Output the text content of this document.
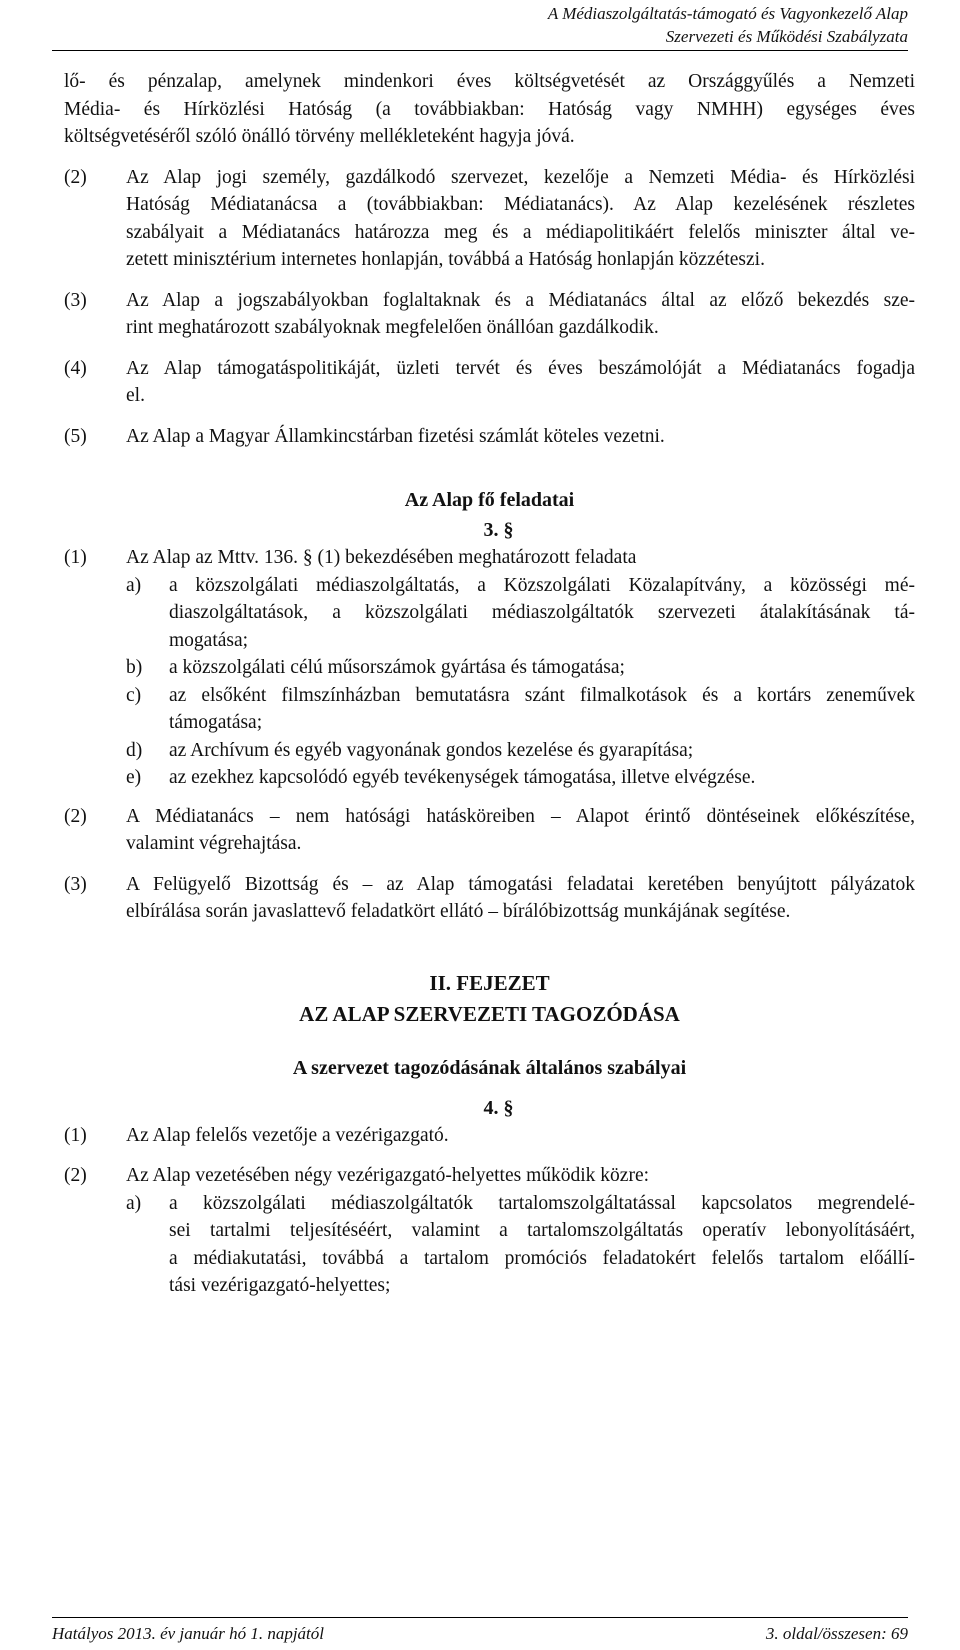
A Médiaszolgáltatás-támogató és Vagyonkezelő Alap
Szervezeti és Működési Szabályzata
lő- és pénzalap, amelynek mindenkori éves költségvetését az Országgyűlés a Nemzeti
Média- és Hírközlési Hatóság (a továbbiakban: Hatóság vagy NMHH) egységes éves
költségvetéséről szóló önálló törvény mellékleteként hagyja jóvá.
(2) Az Alap jogi személy, gazdálkodó szervezet, kezelője a Nemzeti Média- és Hírközlési
Hatóság Médiatanácsa a (továbbiakban: Médiatanács). Az Alap kezelésének részletes
szabályait a Médiatanács határozza meg és a médiapolitikáért felelős miniszter által ve-
zetett minisztérium internetes honlapján, továbbá a Hatóság honlapján közzéteszi.
(3) Az Alap a jogszabályokban foglaltaknak és a Médiatanács által az előző bekezdés sze-
rint meghatározott szabályoknak megfelelően önállóan gazdálkodik.
(4) Az Alap támogatáspolitikáját, üzleti tervét és éves beszámolóját a Médiatanács fogadja
el.
(5) Az Alap a Magyar Államkincstárban fizetési számlát köteles vezetni.
Az Alap fő feladatai
3. §
(1) Az Alap az Mttv. 136. § (1) bekezdésében meghatározott feladata
a) a közszolgálati médiaszolgáltatás, a Közszolgálati Közalapítvány, a közösségi mé-
diaszolgáltatások, a közszolgálati médiaszolgáltatók szervezeti átalakításának tá-
mogatása;
b) a közszolgálati célú műsorszámok gyártása és támogatása;
c) az elsőként filmszínházban bemutatásra szánt filmalkotások és a kortárs zeneművek
támogatása;
d) az Archívum és egyéb vagyonának gondos kezelése és gyarapítása;
e) az ezekhez kapcsolódó egyéb tevékenységek támogatása, illetve elvégzése.
(2) A Médiatanács – nem hatósági hatásköreiben – Alapot érintő döntéseinek előkészítése,
valamint végrehajtása.
(3) A Felügyelő Bizottság és – az Alap támogatási feladatai keretében benyújtott pályázatok
elbírálása során javaslattevő feladatkört ellátó – bírálóbizottság munkájának segítése.
II. FEJEZET
AZ ALAP SZERVEZETI TAGOZÓDÁSA
A szervezet tagozódásának általános szabályai
4. §
(1) Az Alap felelős vezetője a vezérigazgató.
(2) Az Alap vezetésében négy vezérigazgató-helyettes működik közre:
a) a közszolgálati médiaszolgáltatók tartalomszolgáltatással kapcsolatos megrendelé-
sei tartalmi teljesítéséért, valamint a tartalomszolgáltatás operatív lebonyolításáért,
a médiakutatási, továbbá a tartalom promóciós feladatokért felelős tartalom előállí-
tási vezérigazgató-helyettes;
Hatályos 2013. év január hó 1. napjától	3. oldal/összesen: 69
